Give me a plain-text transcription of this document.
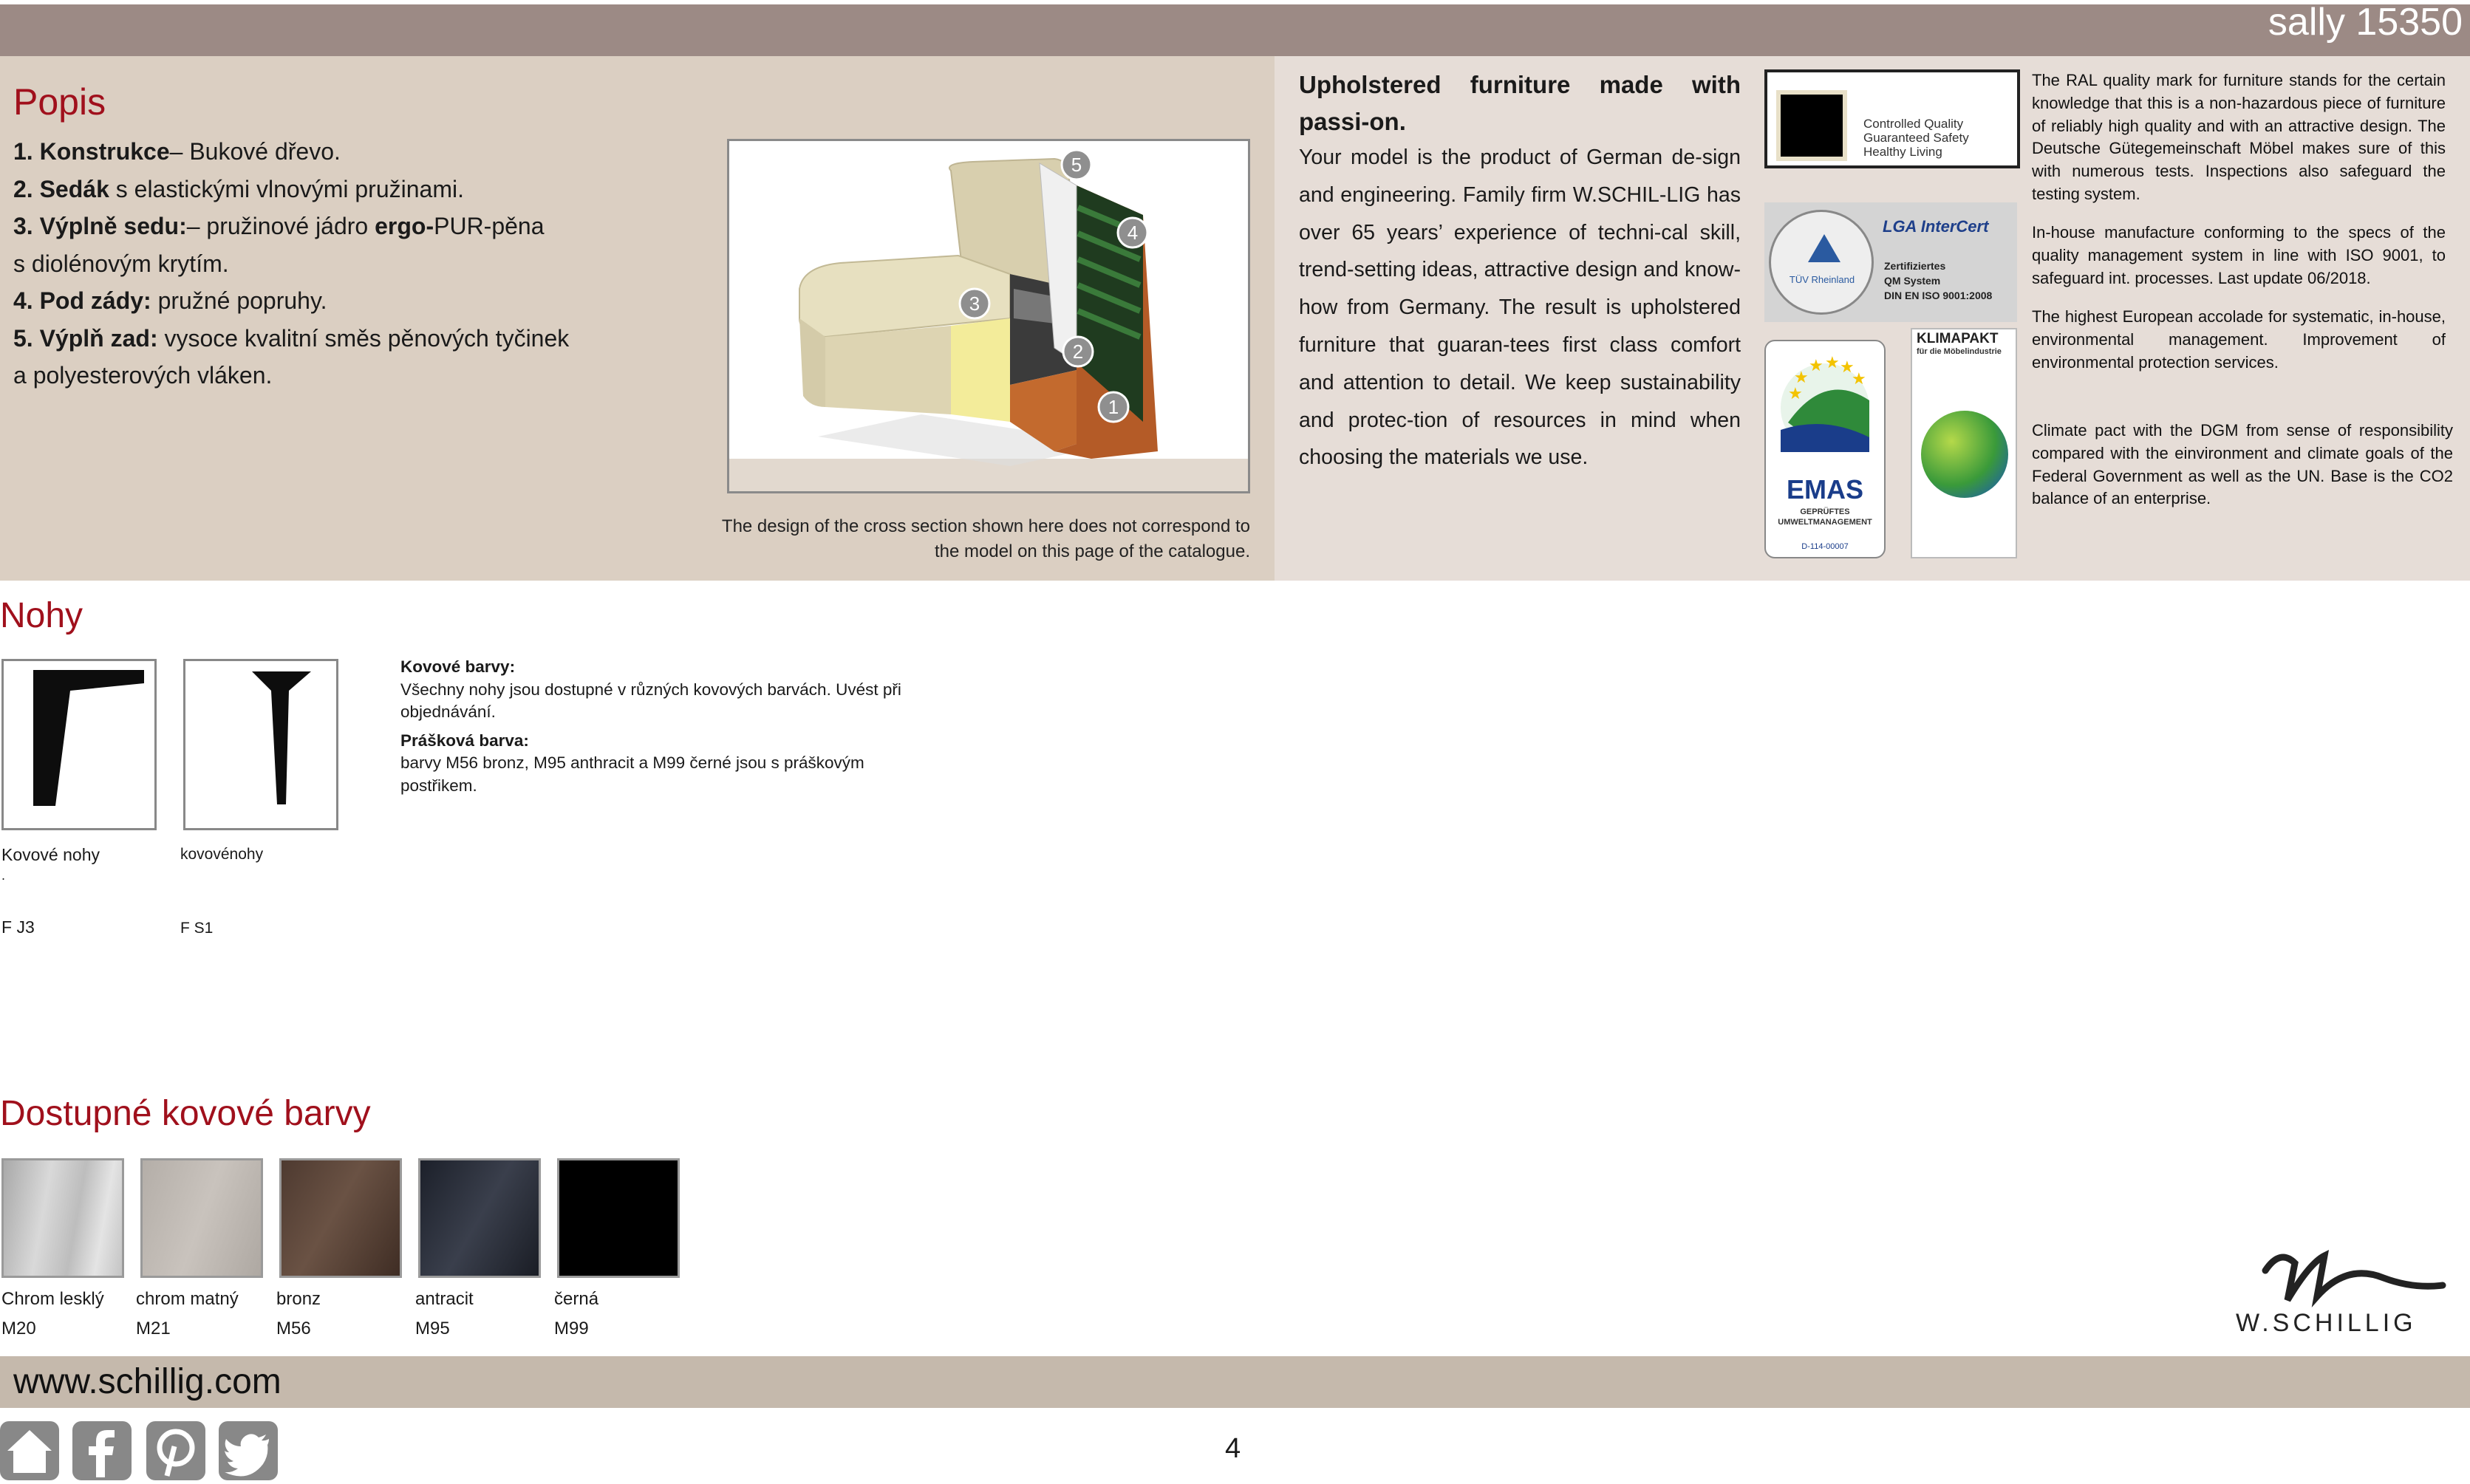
sally 15350
Popis

1. Konstrukce– Bukové dřevo.

2. Sedák s elastickými vlnovými pružinami.

3. Výplně sedu:– pružinové jádro ergo-PUR-pěna

s diolénovým krytím.

4. Pod zády: pružné popruhy.

5. Výplň zad: vysoce kvalitní směs pěnových tyčinek

a polyesterových vláken.

1
2
3
4
5
The design of the cross section shown here does not correspond to
the model on this page of the catalogue.
Upholstered furniture made with
passi-on.
Your model is the product of German de-sign and engineering. Family firm W.SCHIL-LIG has over 65 years’ experience of techni-cal skill, trend-setting ideas, attractive design and know-how from Germany. The result is upholstered furniture that guaran-tees first class comfort and attention to detail. We keep sustainability and protec-tion of resources in mind when choosing the materials we use.
Controlled Quality
Guaranteed Safety
Healthy Living
TÜV Rheinland
LGA InterCert
Zertifiziertes
QM System
DIN EN ISO 9001:2008
★ ★ ★
★	★
★
EMAS
GEPRÜFTES
UMWELTMANAGEMENT
D-114-00007
KLIMAPAKT
für die Möbelindustrie
The RAL quality mark for furniture stands for the certain knowledge that this is a non-hazardous piece of furniture of reliably high quality and with an attractive design. The Deutsche Gütegemeinschaft Möbel makes sure of this with numerous tests. Inspections also safeguard the testing system.
In-house manufacture conforming to the specs of the quality management system in line with ISO 9001, to safeguard int. processes. Last update 06/2018.
The highest European accolade for systematic, in-house, environmental management. Improvement of environmental protection services.
Climate pact with the DGM from sense of responsibility compared with the einvironment and climate goals of the Federal Government as well as the UN. Base is the CO2 balance of an enterprise.
Nohy
Kovové nohy
.
F J3
kovovénohy
F S1

Kovové barvy:

Všechny nohy jsou dostupné v různých kovových barvách. Uvést při objednávání.

Prášková barva:

barvy M56 bronz, M95 anthracit a M99 černé jsou s práškovým postřikem.

Dostupné kovové barvy
Chrom lesklý
M20
chrom matný
M21
bronz
M56
antracit
M95
černá
M99	W.SCHILLIG
www.schillig.com
4
